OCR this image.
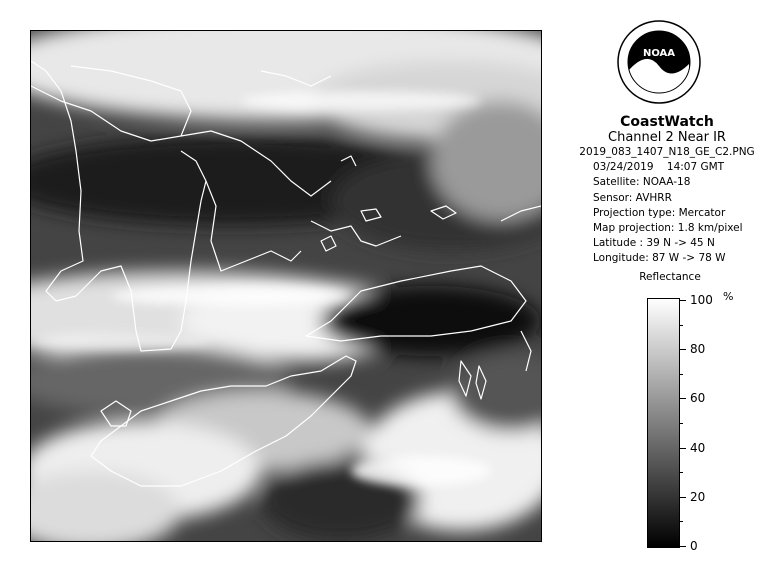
NOAA
CoastWatch
Channel 2 Near IR
2019_083_1407_N18_GE_C2.PNG
03/24/2019 14:07 GMT
Satellite: NOAA-18
Sensor: AVHRR
Projection type: Mercator
Map projection: 1.8 km/pixel
Latitude : 39 N -> 45 N
Longitude: 87 W -> 78 W
Reflectance
%
100
80
60
40
20
0
